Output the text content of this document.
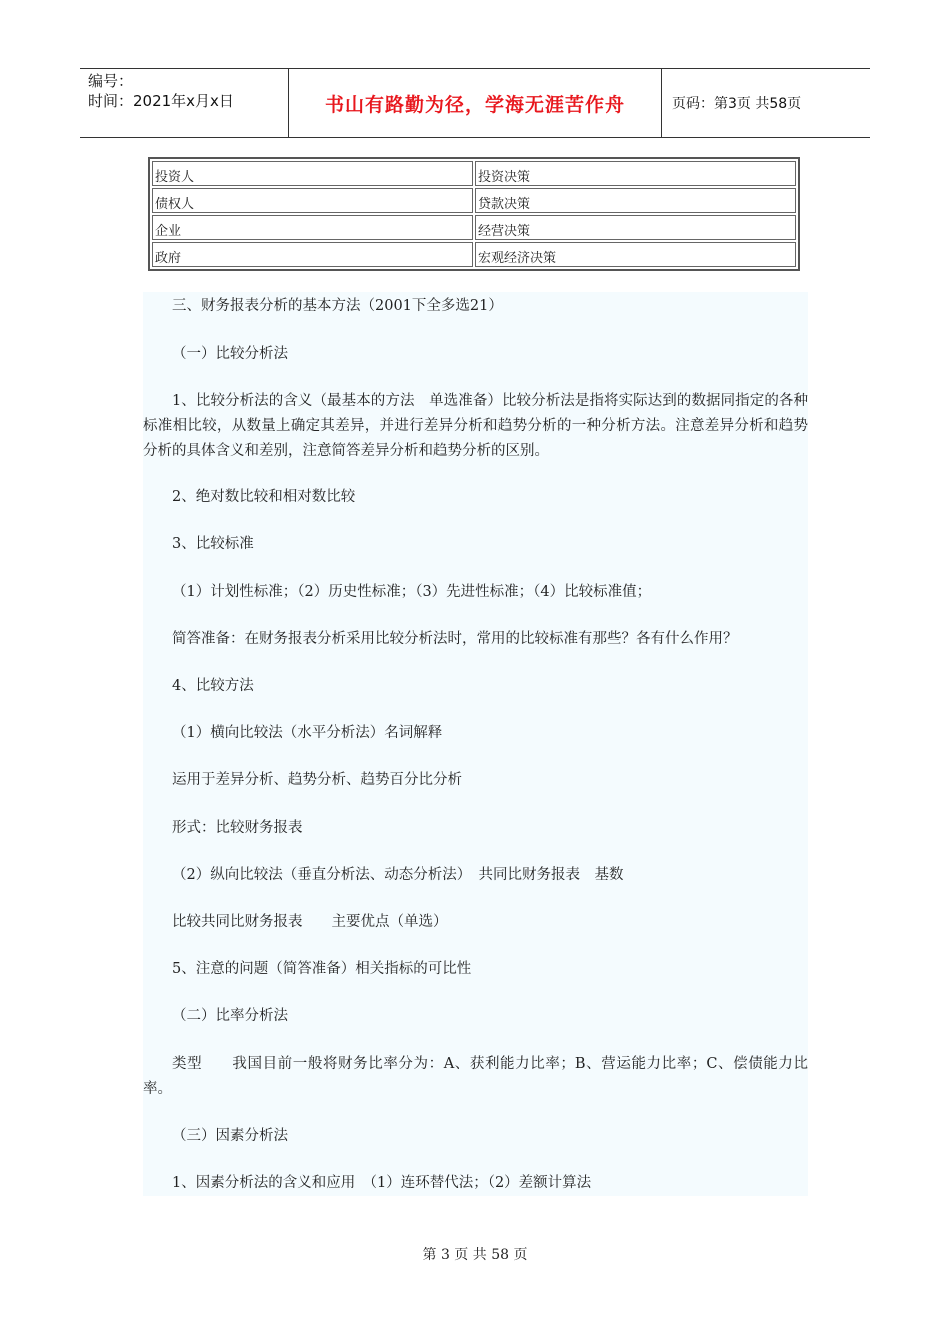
编号：
时间：2021年x月x日	书山有路勤为径，学海无涯苦作舟	页码：第3页 共58页
投资人	投资决策
债权人	贷款决策
企业	经营决策
政府	宏观经济决策

三、财务报表分析的基本方法（2001下全多选21）

（一）比较分析法

1、比较分析法的含义（最基本的方法　单选准备）比较分析法是指将实际达到的数据同指定的各种标准相比较，从数量上确定其差异，并进行差异分析和趋势分析的一种分析方法。注意差异分析和趋势分析的具体含义和差别，注意简答差异分析和趋势分析的区别。

2、绝对数比较和相对数比较

3、比较标准

（1）计划性标准；（2）历史性标准；（3）先进性标准；（4）比较标准值；

简答准备：在财务报表分析采用比较分析法时，常用的比较标准有那些？各有什么作用？

4、比较方法

（1）横向比较法（水平分析法）名词解释

运用于差异分析、趋势分析、趋势百分比分析

形式：比较财务报表

（2）纵向比较法（垂直分析法、动态分析法）　共同比财务报表　基数

比较共同比财务报表　　主要优点（单选）

5、注意的问题（简答准备）相关指标的可比性

（二）比率分析法

类型　　我国目前一般将财务比率分为：A、获利能力比率；B、营运能力比率；C、偿债能力比率。

（三）因素分析法

1、因素分析法的含义和应用　（1）连环替代法；（2）差额计算法

第 3 页 共 58 页
